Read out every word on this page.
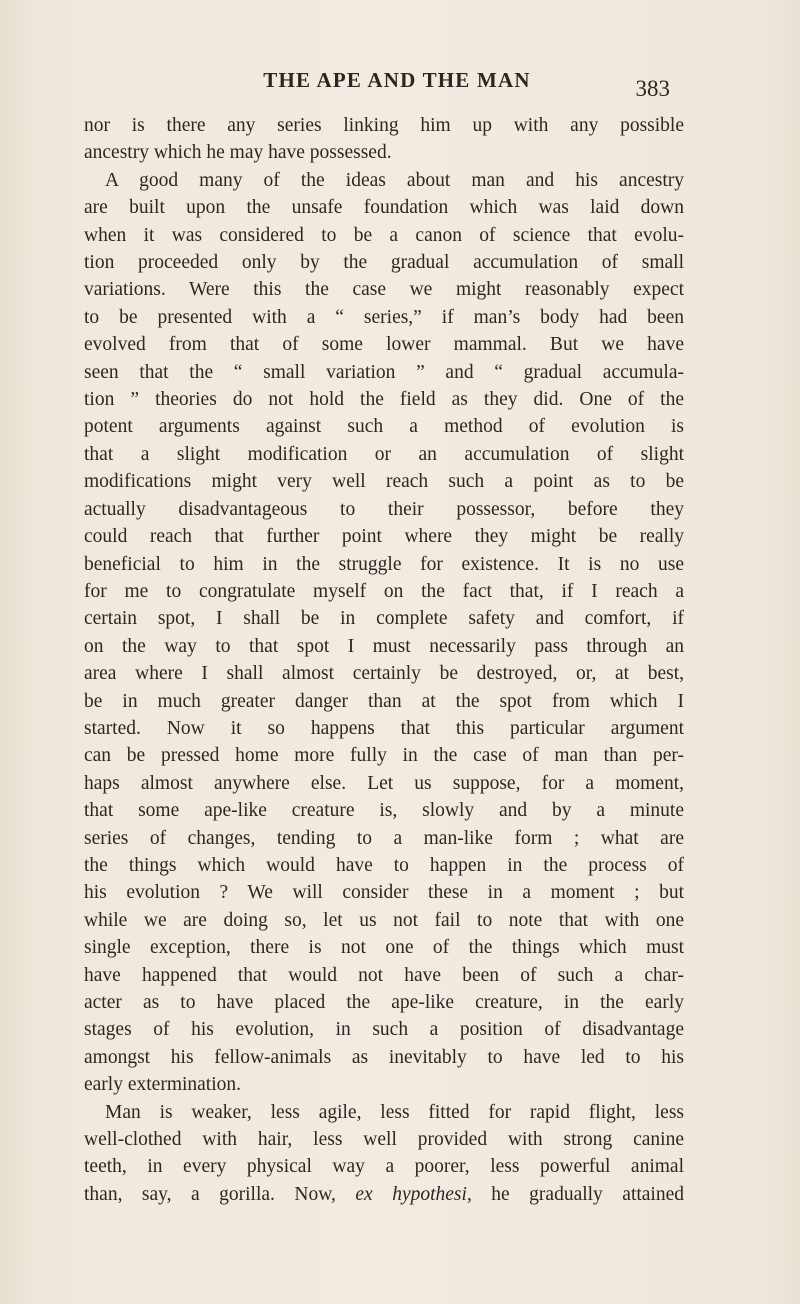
THE APE AND THE MAN	383

nor is there any series linking him up with any possible
ancestry which he may have possessed.

A good many of the ideas about man and his ancestry
are built upon the unsafe foundation which was laid down
when it was considered to be a canon of science that evolu-
tion proceeded only by the gradual accumulation of small
variations. Were this the case we might reasonably expect
to be presented with a “ series,” if man’s body had been
evolved from that of some lower mammal. But we have
seen that the “ small variation ” and “ gradual accumula-
tion ” theories do not hold the field as they did. One of the
potent arguments against such a method of evolution is
that a slight modification or an accumulation of slight
modifications might very well reach such a point as to be
actually disadvantageous to their possessor, before they
could reach that further point where they might be really
beneficial to him in the struggle for existence. It is no use
for me to congratulate myself on the fact that, if I reach a
certain spot, I shall be in complete safety and comfort, if
on the way to that spot I must necessarily pass through an
area where I shall almost certainly be destroyed, or, at best,
be in much greater danger than at the spot from which I
started. Now it so happens that this particular argument
can be pressed home more fully in the case of man than per-
haps almost anywhere else. Let us suppose, for a moment,
that some ape-like creature is, slowly and by a minute
series of changes, tending to a man-like form ; what are
the things which would have to happen in the process of
his evolution ? We will consider these in a moment ; but
while we are doing so, let us not fail to note that with one
single exception, there is not one of the things which must
have happened that would not have been of such a char-
acter as to have placed the ape-like creature, in the early
stages of his evolution, in such a position of disadvantage
amongst his fellow-animals as inevitably to have led to his
early extermination.

Man is weaker, less agile, less fitted for rapid flight, less
well-clothed with hair, less well provided with strong canine
teeth, in every physical way a poorer, less powerful animal
than, say, a gorilla. Now, ex hypothesi, he gradually attained
